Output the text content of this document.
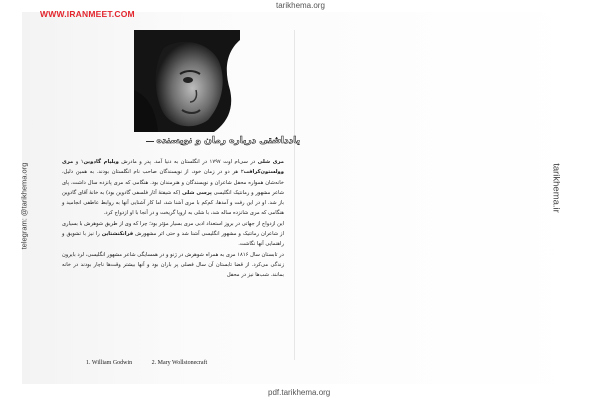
WWW.IRANMEET.COM
tarikhema.org
pdf.tarikhema.org
telegram: @tarikhema.org	tarikhema.ir
یادداشتی درباره رمان و نویسنده

مری شلی در سی‌ام اوت ۱۷۹۷ در انگلستان به دنیا آمد. پدر و مادرش ویلیام گادوین۱ و مری وولستون‌کرافت۲ هر دو در زمان خود، از نویسندگان صاحب نام انگلستان بودند. به همین دلیل، خانه‌شان همواره محفل شاعران و نویسندگان و هنرمندان بود. هنگامی که مری پانزده سال داشت، پای شاعر مشهور و رمانتیک انگلیسی پرسی شلی (که شیفتهٔ آثار فلسفی گادوین بود) به خانهٔ آقای گادوین باز شد. او در این رفت و آمدها، کم‌کم با مری آشنا شد، اما کار آشنایی آنها به روابط عاطفی انجامید و هنگامی که مری شانزده ساله شد، با شلی به اروپا گریخت و در آنجا با او ازدواج کرد.

این ازدواج از جهاتی در بروز استعداد ادبی مری بسیار مؤثر بود؛ چرا که وی از طریق شوهرش با بسیاری از شاعران رمانتیک و مشهور انگلیسی آشنا شد و حتی اثر مشهورش فرانکنشتاین را نیز با تشویق و راهنمایی آنها نگاشت.

در تابستان سال ۱۸۱۶ مری به همراه شوهرش در ژنو و در همسایگی شاعر مشهور انگلیسی، لرد بایرون زندگی می‌کرد. از قضا تابستان آن سال فصلی پر باران بود و آنها بیشتر وقت‌ها ناچار بودند در خانه بمانند. شب‌ها نیز در محفل

1. William Godwin	2. Mary Wollstonecraft
